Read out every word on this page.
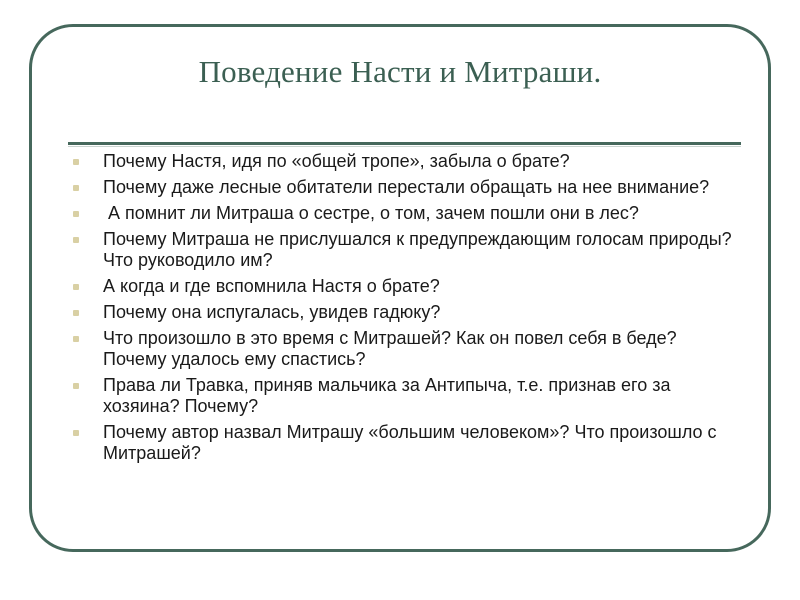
Поведение Насти и Митраши.
Почему Настя, идя по «общей тропе», забыла о брате?
Почему даже лесные обитатели перестали обращать на нее внимание?
А помнит ли Митраша о сестре, о том, зачем пошли они в лес?
Почему Митраша не прислушался к предупреждающим голосам природы? Что руководило им?
А когда и где вспомнила Настя о брате?
Почему она испугалась, увидев гадюку?
Что произошло в это время с Митрашей? Как он повел себя в беде? Почему удалось ему спастись?
Права ли Травка, приняв мальчика за Антипыча, т.е. признав его за хозяина? Почему?
Почему автор назвал Митрашу «большим человеком»? Что произошло с Митрашей?
